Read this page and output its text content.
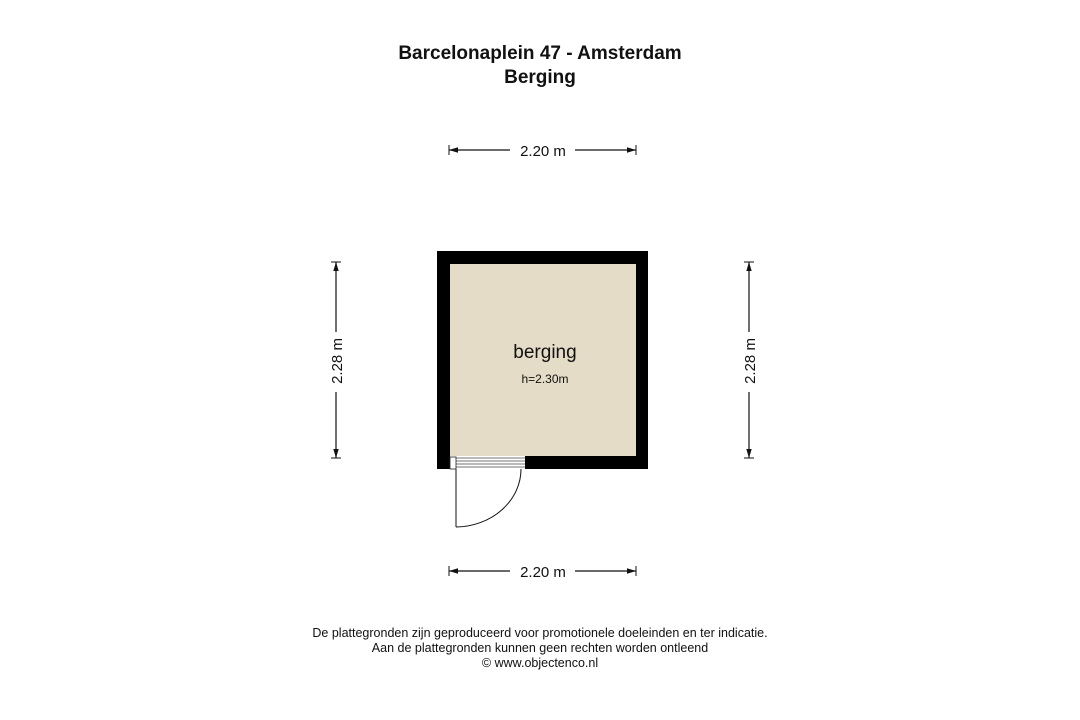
Barcelonaplein 47 - Amsterdam
Berging
2.20 m
2.20 m
2.28 m	2.28 m
berging
h=2.30m
De plattegronden zijn geproduceerd voor promotionele doeleinden en ter indicatie.
Aan de plattegronden kunnen geen rechten worden ontleend
© www.objectenco.nl
